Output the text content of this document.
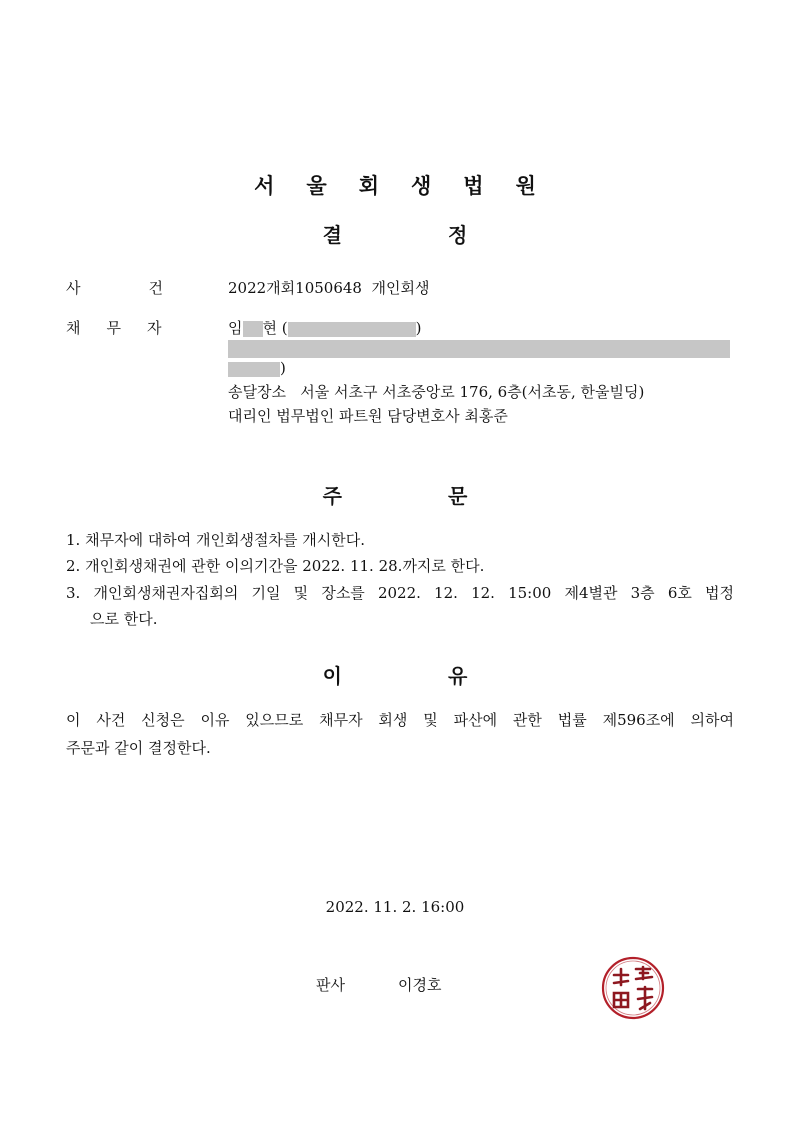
서울회생법원
결	정
사	건	2022개회1050648  개인회생
채 무 자	임 현 (	)
)
송달장소 서울 서초구 서초중앙로 176, 6층(서초동, 한울빌딩)
대리인 법무법인 파트원 담당변호사 최홍준
주	문
1. 채무자에 대하여 개인회생절차를 개시한다.
2. 개인회생채권에 관한 이의기간을 2022. 11. 28.까지로 한다.
3. 개인회생채권자집회의 기일 및 장소를 2022. 12. 12. 15:00 제4별관 3층 6호 법정
으로 한다.
이	유
이 사건 신청은 이유 있으므로 채무자 회생 및 파산에 관한 법률 제596조에 의하여
주문과 같이 결정한다.
2022. 11. 2. 16:00
판사	이경호
